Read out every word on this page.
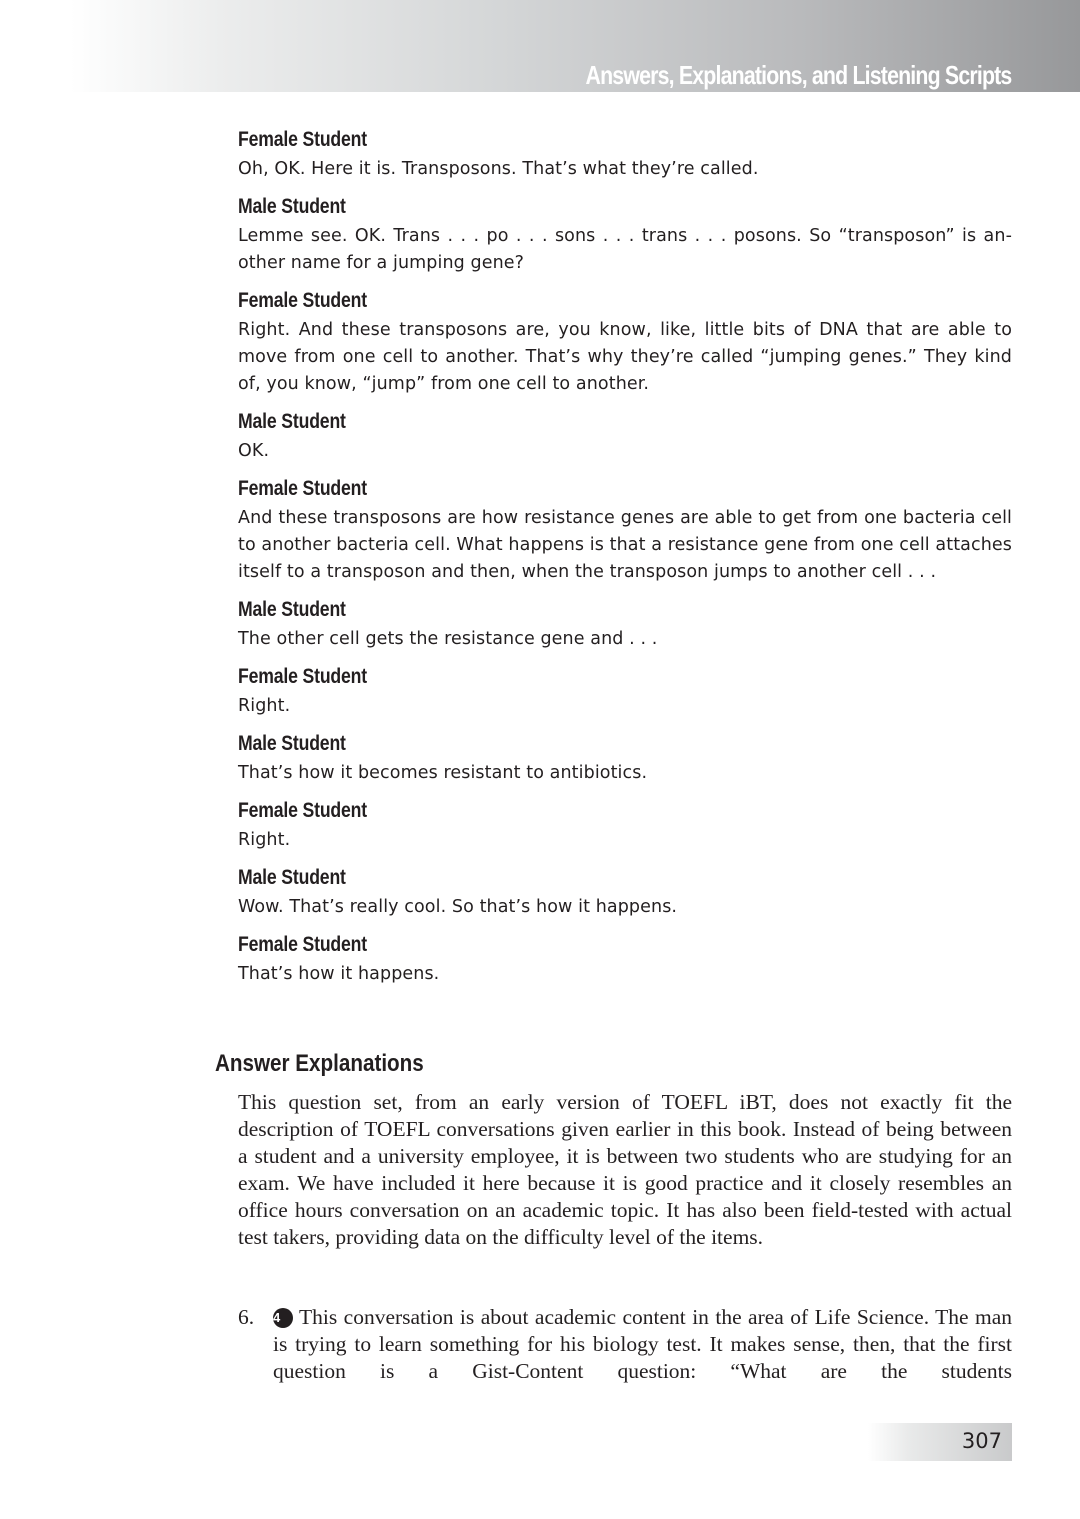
Answers, Explanations, and Listening Scripts
Female Student
Oh, OK. Here it is. Transposons. That’s what they’re called.
Male Student
Lemme see. OK. Trans . . . po . . . sons . . . trans . . . posons. So “transposon” is an- other name for a jumping gene?
Female Student
Right. And these transposons are, you know, like, little bits of DNA that are able to move from one cell to another. That’s why they’re called “jumping genes.” They kind of, you know, “jump” from one cell to another.
Male Student
OK.
Female Student
And these transposons are how resistance genes are able to get from one bacteria cell to another bacteria cell. What happens is that a resistance gene from one cell attaches itself to a transposon and then, when the transposon jumps to another cell . . .
Male Student
The other cell gets the resistance gene and . . .
Female Student
Right.
Male Student
That’s how it becomes resistant to antibiotics.
Female Student
Right.
Male Student
Wow. That’s really cool. So that’s how it happens.
Female Student
That’s how it happens.
Answer Explanations
This question set, from an early version of TOEFL iBT, does not exactly fit the description of TOEFL conversations given earlier in this book. Instead of being between a student and a university employee, it is between two students who are studying for an exam. We have included it here because it is good practice and it closely resembles an office hours conversation on an academic topic. It has also been field-tested with actual test takers, providing data on the difficulty level of the items.
6. 4 This conversation is about academic content in the area of Life Science. The man is trying to learn something for his biology test. It makes sense, then, that the first question is a Gist-Content question: “What are the students
307
